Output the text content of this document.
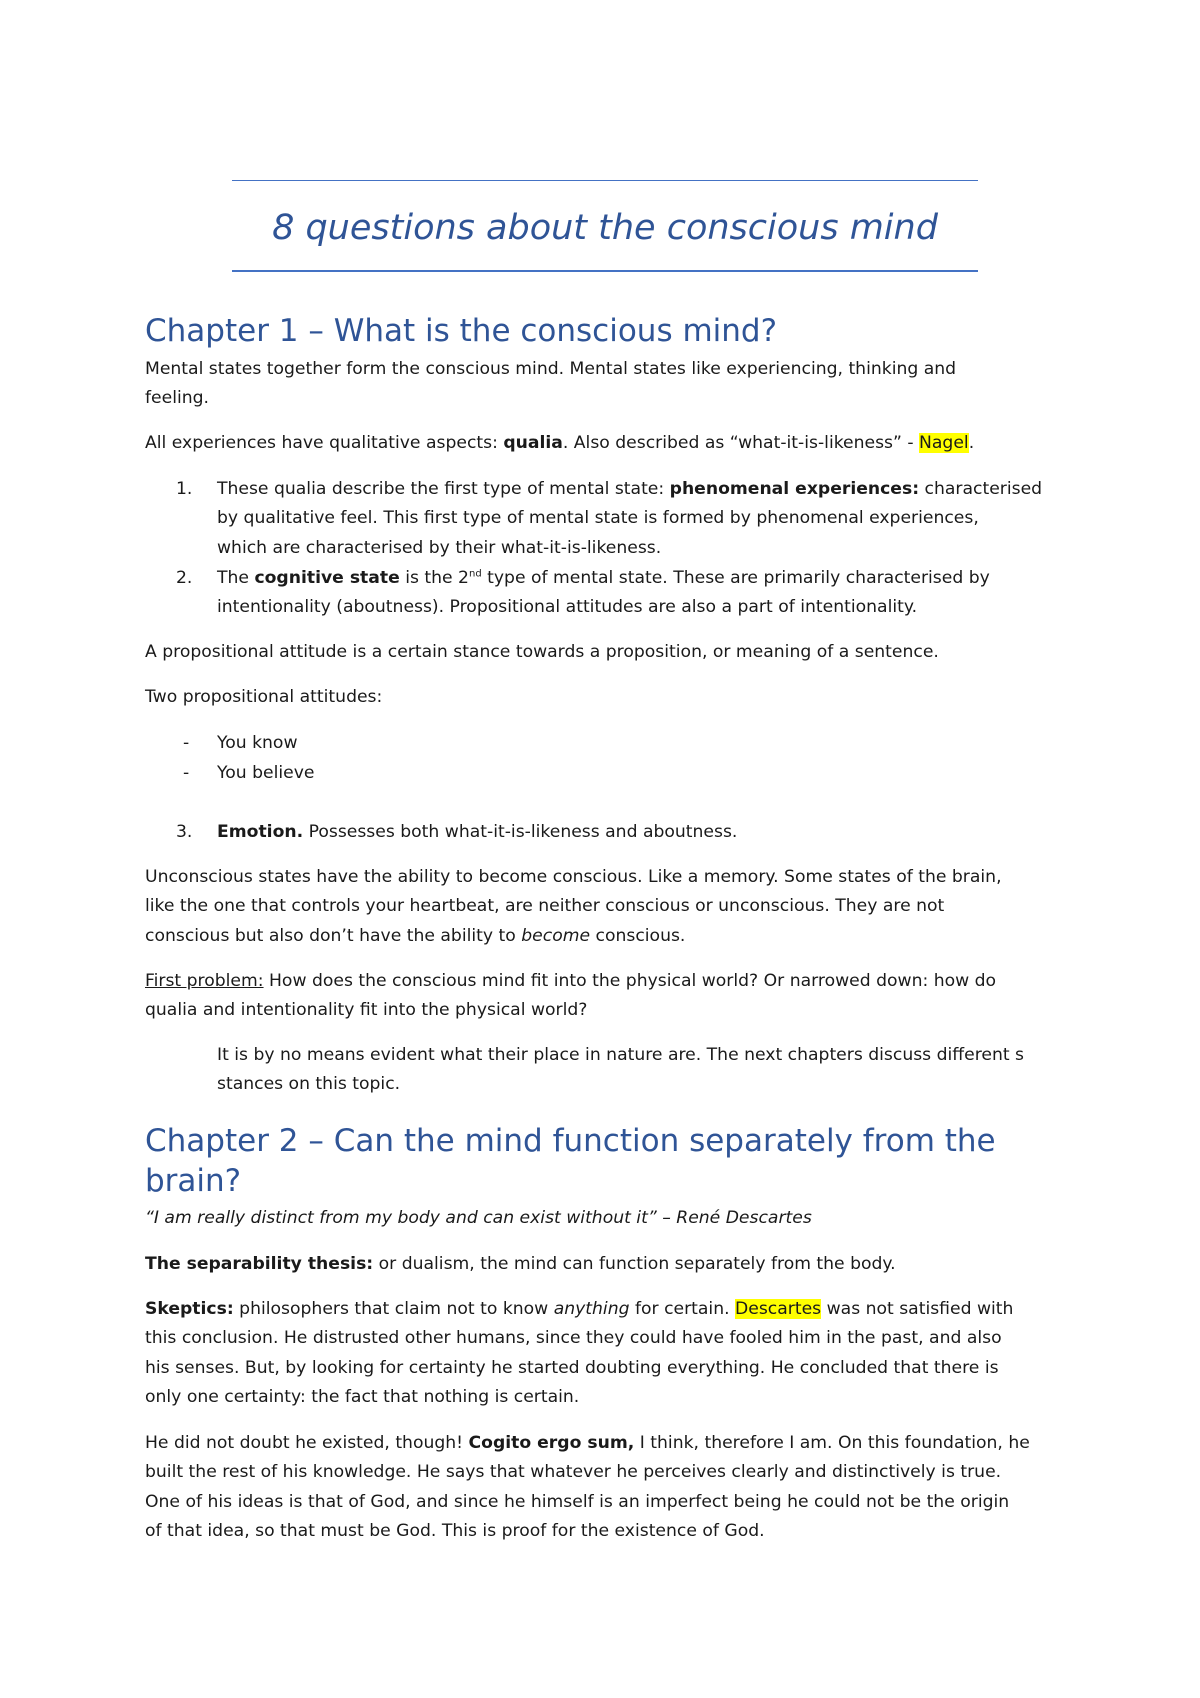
8 questions about the conscious mind
Chapter 1 – What is the conscious mind?
Mental states together form the conscious mind. Mental states like experiencing, thinking and
feeling.
All experiences have qualitative aspects: qualia. Also described as “what-it-is-likeness” - Nagel.
1. These qualia describe the first type of mental state: phenomenal experiences: characterised
by qualitative feel. This first type of mental state is formed by phenomenal experiences,
which are characterised by their what-it-is-likeness.
2. The cognitive state is the 2nd type of mental state. These are primarily characterised by
intentionality (aboutness). Propositional attitudes are also a part of intentionality.
A propositional attitude is a certain stance towards a proposition, or meaning of a sentence.
Two propositional attitudes:
- You know
- You believe
3. Emotion. Possesses both what-it-is-likeness and aboutness.
Unconscious states have the ability to become conscious. Like a memory. Some states of the brain,
like the one that controls your heartbeat, are neither conscious or unconscious. They are not
conscious but also don’t have the ability to become conscious.
First problem: How does the conscious mind fit into the physical world? Or narrowed down: how do
qualia and intentionality fit into the physical world?
It is by no means evident what their place in nature are. The next chapters discuss different s
stances on this topic.
Chapter 2 – Can the mind function separately from the
brain?
“I am really distinct from my body and can exist without it” – René Descartes
The separability thesis: or dualism, the mind can function separately from the body.
Skeptics: philosophers that claim not to know anything for certain. Descartes was not satisfied with
this conclusion. He distrusted other humans, since they could have fooled him in the past, and also
his senses. But, by looking for certainty he started doubting everything. He concluded that there is
only one certainty: the fact that nothing is certain.
He did not doubt he existed, though! Cogito ergo sum, I think, therefore I am. On this foundation, he
built the rest of his knowledge. He says that whatever he perceives clearly and distinctively is true.
One of his ideas is that of God, and since he himself is an imperfect being he could not be the origin
of that idea, so that must be God. This is proof for the existence of God.
